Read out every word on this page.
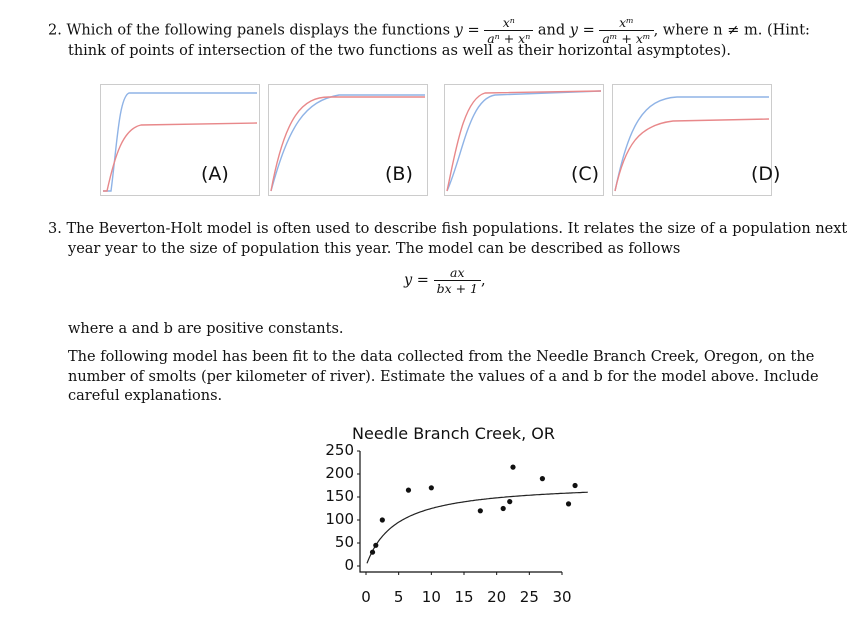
2. Which of the following panels displays the functions $y = \frac{\text{xⁿ}}{\text{aⁿ + xⁿ}}$ and $y = \frac{\text{xᵐ}}{\text{aᵐ + xᵐ}}$ , where n ≠ m. (Hint:
think of points of intersection of the two functions as well as their horizontal asymptotes).
(A)	(B)	(C)	(D)
3. The Beverton-Holt model is often used to describe fish populations. It relates the size of a population next
year year to the size of population this year. The model can be described as follows
$y = \frac{ax}{bx + 1}$ ,
where a and b are positive constants.
The following model has been fit to the data collected from the Needle Branch Creek, Oregon, on the
number of smolts (per kilometer of river). Estimate the values of a and b for the model above. Include
careful explanations.
Needle Branch Creek, OR
250
200
150
100
50
0
0	5	10 15 20 25 30
